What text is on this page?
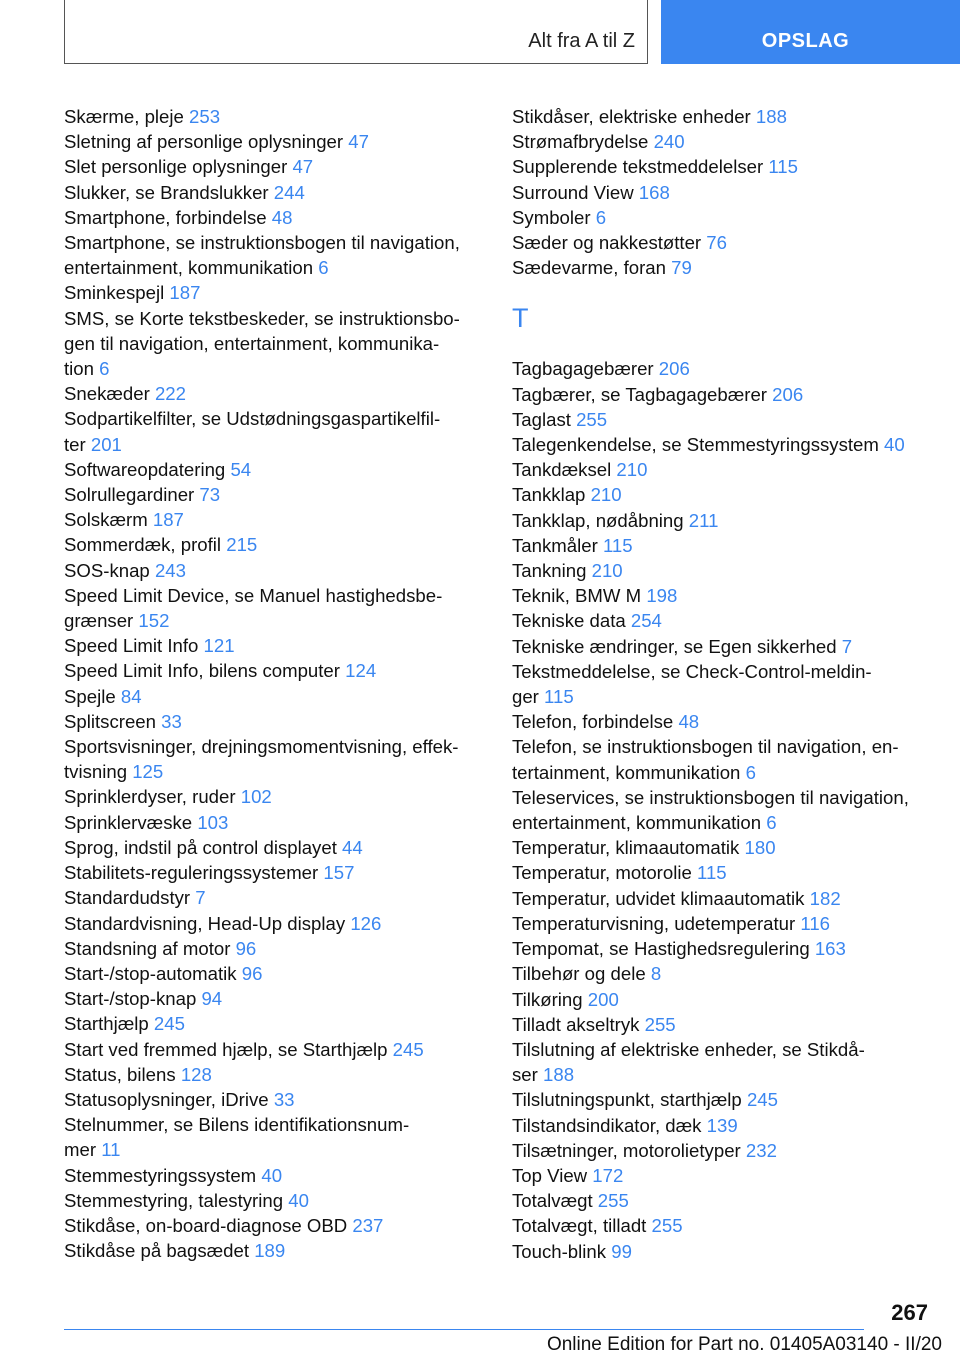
Alt fra A til Z	OPSLAG
Skærme, pleje 253
Sletning af personlige oplysninger 47
Slet personlige oplysninger 47
Slukker, se Brandslukker 244
Smartphone, forbindelse 48
Smartphone, se instruktionsbogen til navigation,
entertainment, kommunikation 6
Sminkespejl 187
SMS, se Korte tekstbeskeder, se instruktionsbo-
gen til navigation, entertainment, kommunika-
tion 6
Snekæder 222
Sodpartikelfilter, se Udstødningsgaspartikelfil-
ter 201
Softwareopdatering 54
Solrullegardiner 73
Solskærm 187
Sommerdæk, profil 215
SOS-knap 243
Speed Limit Device, se Manuel hastighedsbe-
grænser 152
Speed Limit Info 121
Speed Limit Info, bilens computer 124
Spejle 84
Splitscreen 33
Sportsvisninger, drejningsmomentvisning, effek-
tvisning 125
Sprinklerdyser, ruder 102
Sprinklervæske 103
Sprog, indstil på control displayet 44
Stabilitets-reguleringssystemer 157
Standardudstyr 7
Standardvisning, Head-Up display 126
Standsning af motor 96
Start-/stop-automatik 96
Start-/stop-knap 94
Starthjælp 245
Start ved fremmed hjælp, se Starthjælp 245
Status, bilens 128
Statusoplysninger, iDrive 33
Stelnummer, se Bilens identifikationsnum-
mer 11
Stemmestyringssystem 40
Stemmestyring, talestyring 40
Stikdåse, on-board-diagnose OBD 237
Stikdåse på bagsædet 189
Stikdåser, elektriske enheder 188
Strømafbrydelse 240
Supplerende tekstmeddelelser 115
Surround View 168
Symboler 6
Sæder og nakkestøtter 76
Sædevarme, foran 79
T
Tagbagagebærer 206
Tagbærer, se Tagbagagebærer 206
Taglast 255
Talegenkendelse, se Stemmestyringssystem 40
Tankdæksel 210
Tankklap 210
Tankklap, nødåbning 211
Tankmåler 115
Tankning 210
Teknik, BMW M 198
Tekniske data 254
Tekniske ændringer, se Egen sikkerhed 7
Tekstmeddelelse, se Check-Control-meldin-
ger 115
Telefon, forbindelse 48
Telefon, se instruktionsbogen til navigation, en-
tertainment, kommunikation 6
Teleservices, se instruktionsbogen til navigation,
entertainment, kommunikation 6
Temperatur, klimaautomatik 180
Temperatur, motorolie 115
Temperatur, udvidet klimaautomatik 182
Temperaturvisning, udetemperatur 116
Tempomat, se Hastighedsregulering 163
Tilbehør og dele 8
Tilkøring 200
Tilladt akseltryk 255
Tilslutning af elektriske enheder, se Stikdå-
ser 188
Tilslutningspunkt, starthjælp 245
Tilstandsindikator, dæk 139
Tilsætninger, motorolietyper 232
Top View 172
Totalvægt 255
Totalvægt, tilladt 255
Touch-blink 99
267
Online Edition for Part no. 01405A03140 - II/20
